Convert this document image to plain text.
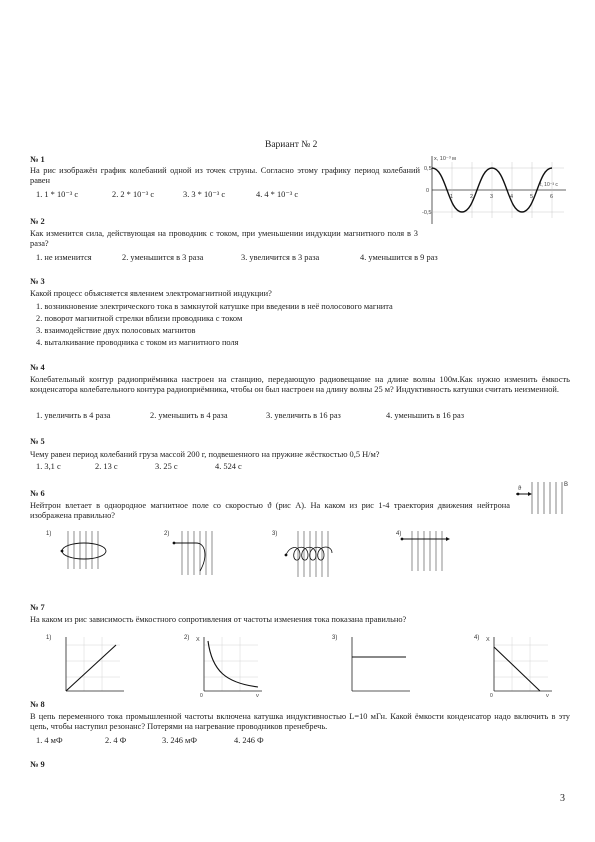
Вариант № 2
№ 1
На рис изображён график колебаний одной из точек струны. Согласно этому графику период колебаний равен
1. 1 * 10⁻³ с	2. 2 * 10⁻³ с	3. 3 * 10⁻³ с	4. 4 * 10⁻³ с
x, 10⁻³ м
0,5
0
-0,5
1	2	3	4	5	6
t, 10⁻³ с
№ 2
Как изменится сила, действующая на проводник с током, при уменьшении индукции магнитного поля в 3 раза?
1. не изменится	2. уменьшится в 3 раза	3. увеличится в 3 раза	4. уменьшится в 9 раз
№ 3
Какой процесс объясняется явлением электромагнитной индукции?
1. возникновение электрического тока в замкнутой катушке при введении в неё полосового магнита
2. поворот магнитной стрелки вблизи проводника с током
3. взаимодействие двух полосовых магнитов
4. выталкивание проводника с током из магнитного поля
№ 4
Колебательный контур радиоприёмника настроен на станцию, передающую радиовещание на длине волны 100м.Как нужно изменить ёмкость конденсатора колебательного контура радиоприёмника, чтобы он был настроен на длину волны 25 м? Индуктивность катушки считать неизменной.
1. увеличить в 4 раза	2. уменьшить в 4 раза	3. увеличить в 16 раз	4. уменьшить в 16 раз
№ 5
Чему равен период колебаний груза массой 200 г, подвешенного на пружине жёсткостью 0,5 Н/м?
1. 3,1 с	2. 13 с	3. 25 с	4. 524 с
№ 6
Нейтрон влетает в однородное магнитное поле со скоростью ϑ (рис А). На каком из рис 1-4 траектория движения нейтрона изображена правильно?
B
ϑ
1)	2)	3)	4)
№ 7
На каком из рис зависимость ёмкостного сопротивления от частоты изменения тока показана правильно?
1)	2) X
0	ν
3)	4) X
0	ν
№ 8
В цепь переменного тока промышленной частоты включена катушка индуктивностью L=10 мГн. Какой ёмкости конденсатор надо включить в эту цепь, чтобы наступил резонанс? Потерями на нагревание проводников пренебречь.
1. 4 мФ	2. 4 Ф	3. 246 мФ	4. 246 Ф
№ 9
3
